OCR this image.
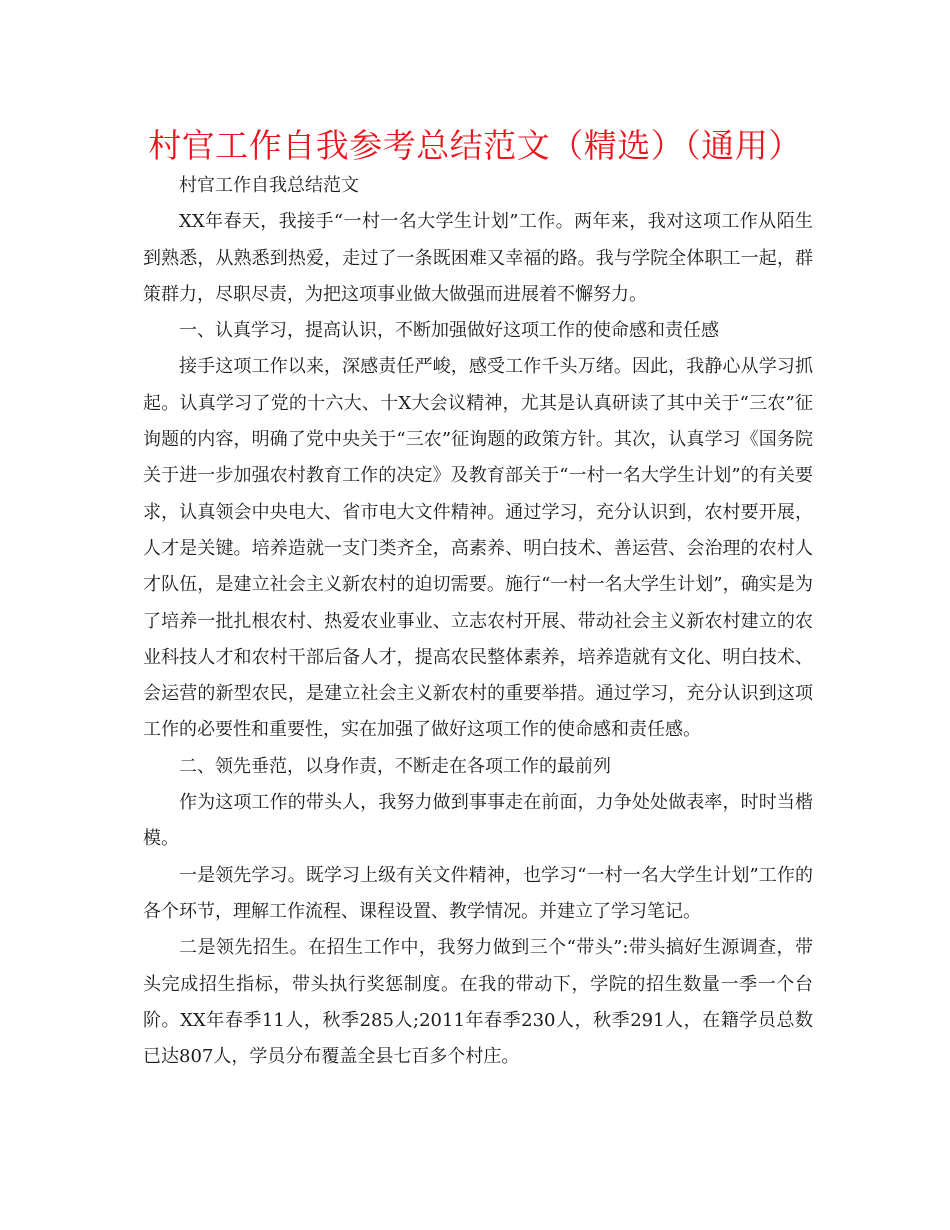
村官工作自我参考总结范文（精选）（通用）

村官工作自我总结范文

XX年春天，我接手“一村一名大学生计划”工作。两年来，我对这项工作从陌生到熟悉，从熟悉到热爱，走过了一条既困难又幸福的路。我与学院全体职工一起，群策群力，尽职尽责，为把这项事业做大做强而进展着不懈努力。

一、认真学习，提高认识，不断加强做好这项工作的使命感和责任感

接手这项工作以来，深感责任严峻，感受工作千头万绪。因此，我静心从学习抓起。认真学习了党的十六大、十X大会议精神，尤其是认真研读了其中关于“三农”征询题的内容，明确了党中央关于“三农”征询题的政策方针。其次，认真学习《国务院关于进一步加强农村教育工作的决定》及教育部关于“一村一名大学生计划”的有关要求，认真领会中央电大、省市电大文件精神。通过学习，充分认识到，农村要开展，人才是关键。培养造就一支门类齐全，高素养、明白技术、善运营、会治理的农村人才队伍，是建立社会主义新农村的迫切需要。施行“一村一名大学生计划”，确实是为了培养一批扎根农村、热爱农业事业、立志农村开展、带动社会主义新农村建立的农业科技人才和农村干部后备人才，提高农民整体素养，培养造就有文化、明白技术、会运营的新型农民，是建立社会主义新农村的重要举措。通过学习，充分认识到这项工作的必要性和重要性，实在加强了做好这项工作的使命感和责任感。

二、领先垂范，以身作责，不断走在各项工作的最前列

作为这项工作的带头人，我努力做到事事走在前面，力争处处做表率，时时当楷模。

一是领先学习。既学习上级有关文件精神，也学习“一村一名大学生计划”工作的各个环节，理解工作流程、课程设置、教学情况。并建立了学习笔记。

二是领先招生。在招生工作中，我努力做到三个“带头”:带头搞好生源调查，带头完成招生指标，带头执行奖惩制度。在我的带动下，学院的招生数量一季一个台阶。XX年春季11人，秋季285人;2011年春季230人，秋季291人，在籍学员总数已达807人，学员分布覆盖全县七百多个村庄。
